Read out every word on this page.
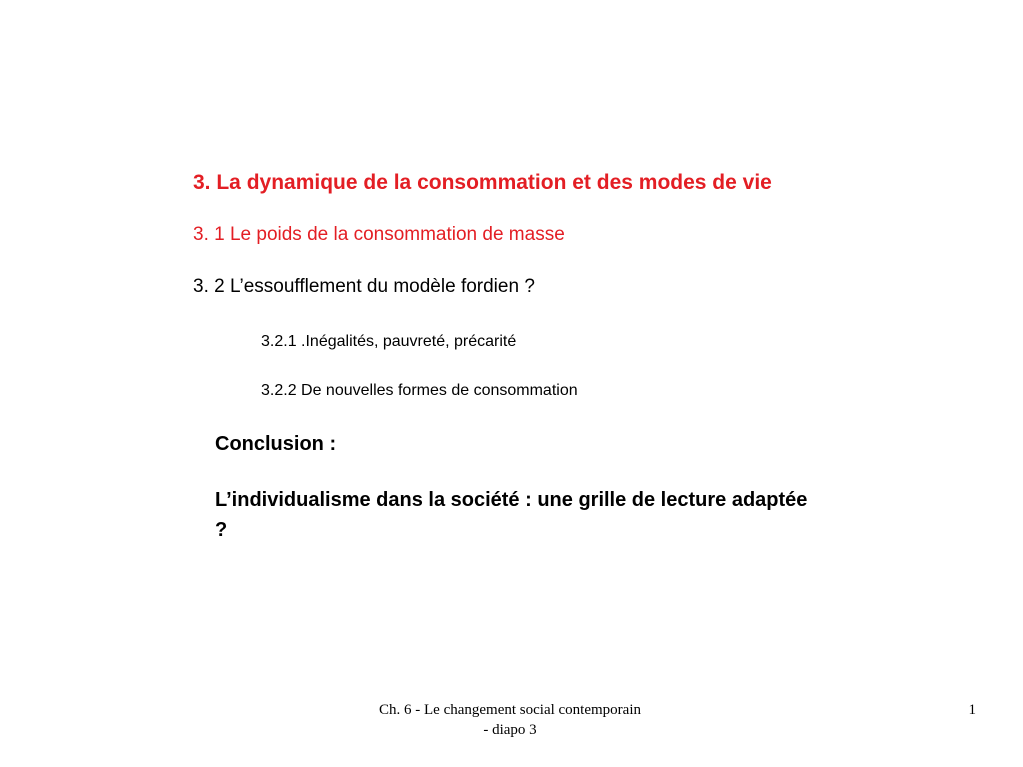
3. La dynamique de la consommation et des modes de vie
3. 1 Le poids de la consommation de masse
3. 2 L’essoufflement du modèle fordien ?
3.2.1 .Inégalités, pauvreté, précarité
3.2.2 De nouvelles formes de consommation
Conclusion :
L’individualisme dans la société : une grille de lecture adaptée ?
Ch. 6 - Le changement social contemporain
- diapo 3
1
